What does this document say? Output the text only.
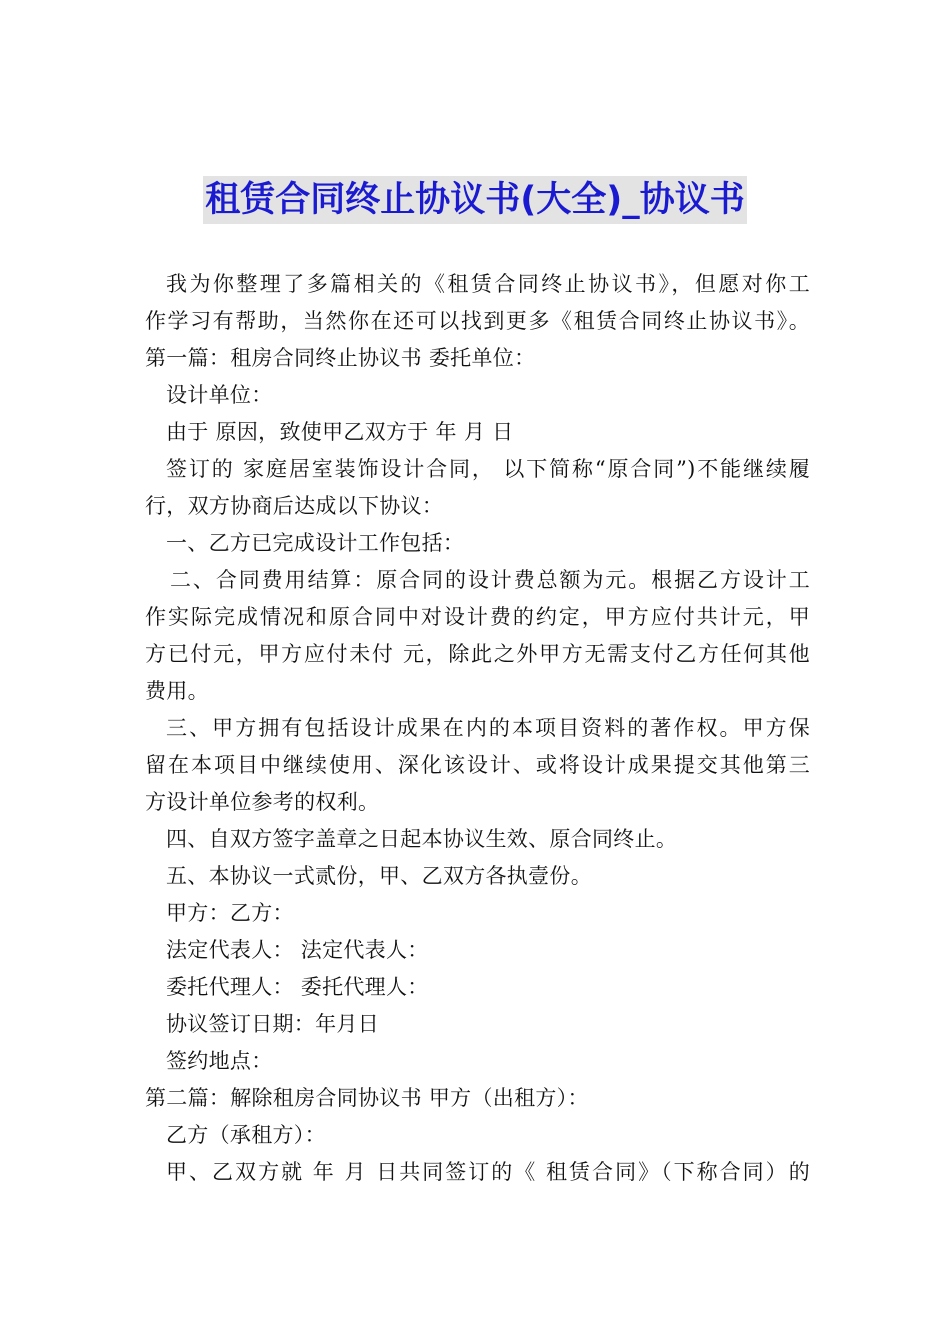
租赁合同终止协议书(大全)_协议书
我为你整理了多篇相关的《租赁合同终止协议书》，但愿对你工
作学习有帮助，当然你在还可以找到更多《租赁合同终止协议书》。
第一篇：租房合同终止协议书 委托单位：
设计单位：
由于 原因，致使甲乙双方于 年 月 日
签订的 家庭居室装饰设计合同， 以下简称“原合同”)不能继续履
行，双方协商后达成以下协议：
一、乙方已完成设计工作包括：
二、合同费用结算：原合同的设计费总额为元。根据乙方设计工
作实际完成情况和原合同中对设计费的约定，甲方应付共计元，甲
方已付元，甲方应付未付 元，除此之外甲方无需支付乙方任何其他
费用。
三、甲方拥有包括设计成果在内的本项目资料的著作权。甲方保
留在本项目中继续使用、深化该设计、或将设计成果提交其他第三
方设计单位参考的权利。
四、自双方签字盖章之日起本协议生效、原合同终止。
五、本协议一式贰份，甲、乙双方各执壹份。
甲方：乙方：
法定代表人： 法定代表人：
委托代理人： 委托代理人：
协议签订日期：年月日
签约地点：
第二篇：解除租房合同协议书 甲方（出租方）：
乙方（承租方）：
甲、乙双方就 年 月 日共同签订的《 租赁合同》（下称合同）的
